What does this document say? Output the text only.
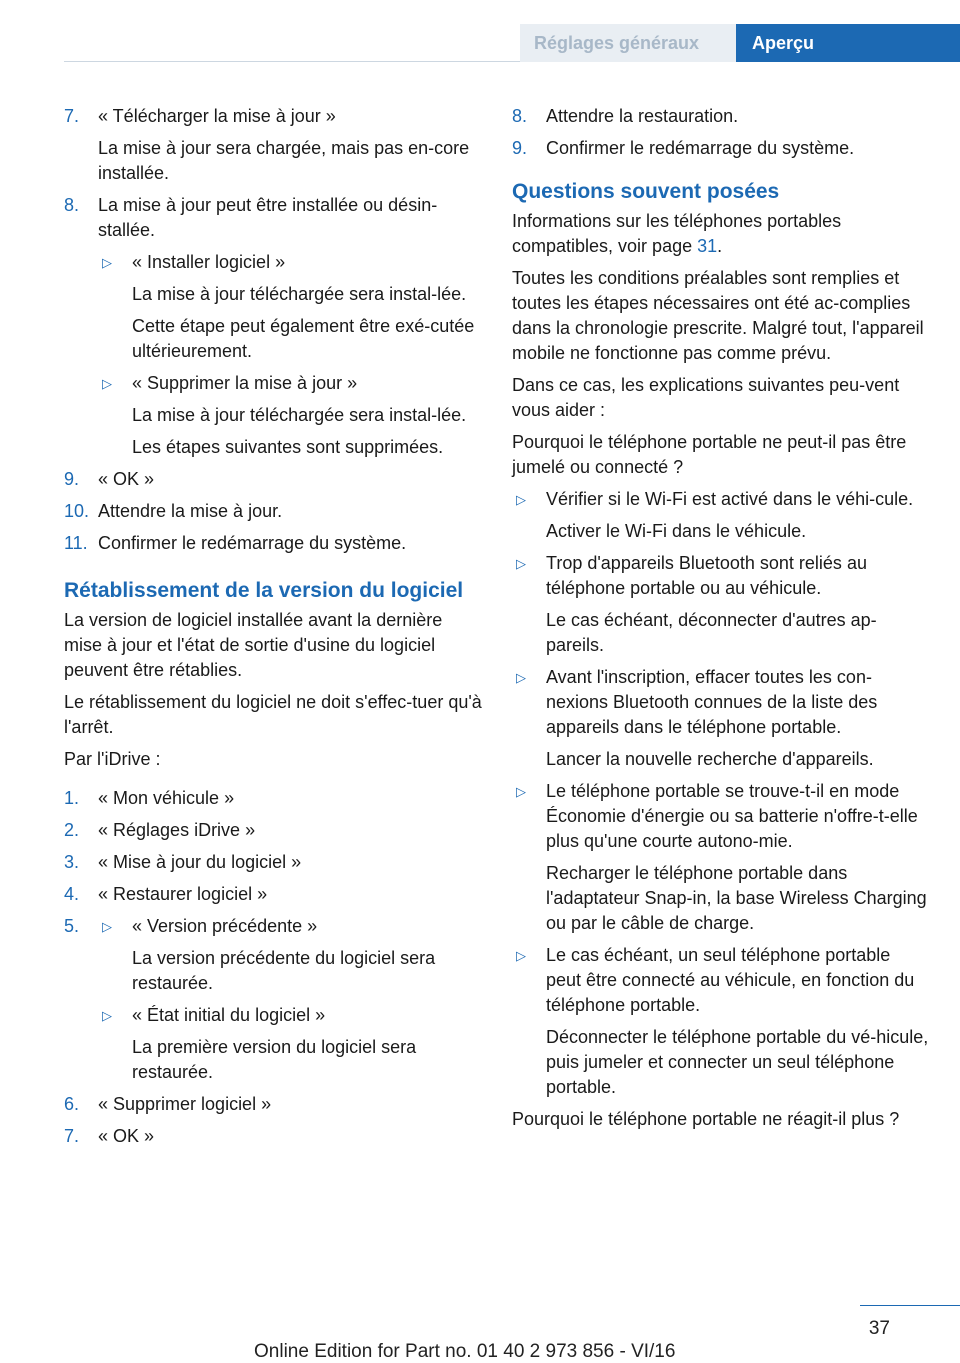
Réglages généraux	Aperçu
7. « Télécharger la mise à jour »
La mise à jour sera chargée, mais pas en-core installée.
8. La mise à jour peut être installée ou désin-stallée.
▷ « Installer logiciel »
La mise à jour téléchargée sera instal-lée.
Cette étape peut également être exé-cutée ultérieurement.
▷ « Supprimer la mise à jour »
La mise à jour téléchargée sera instal-lée.
Les étapes suivantes sont supprimées.
9. « OK »
10. Attendre la mise à jour.
11. Confirmer le redémarrage du système.
Rétablissement de la version du logiciel
La version de logiciel installée avant la dernière mise à jour et l'état de sortie d'usine du logiciel peuvent être rétablies.
Le rétablissement du logiciel ne doit s'effec-tuer qu'à l'arrêt.
Par l'iDrive :
1. « Mon véhicule »
2. « Réglages iDrive »
3. « Mise à jour du logiciel »
4. « Restaurer logiciel »
5. ▷ « Version précédente »
La version précédente du logiciel sera restaurée.
▷ « État initial du logiciel »
La première version du logiciel sera restaurée.
6. « Supprimer logiciel »
7. « OK »
8. Attendre la restauration.
9. Confirmer le redémarrage du système.
Questions souvent posées
Informations sur les téléphones portables compatibles, voir page 31.
Toutes les conditions préalables sont remplies et toutes les étapes nécessaires ont été ac-complies dans la chronologie prescrite. Malgré tout, l'appareil mobile ne fonctionne pas comme prévu.
Dans ce cas, les explications suivantes peu-vent vous aider :
Pourquoi le téléphone portable ne peut-il pas être jumelé ou connecté ?
▷ Vérifier si le Wi-Fi est activé dans le véhi-cule.
Activer le Wi-Fi dans le véhicule.
▷ Trop d'appareils Bluetooth sont reliés au téléphone portable ou au véhicule.
Le cas échéant, déconnecter d'autres ap-pareils.
▷ Avant l'inscription, effacer toutes les con-nexions Bluetooth connues de la liste des appareils dans le téléphone portable.
Lancer la nouvelle recherche d'appareils.
▷ Le téléphone portable se trouve-t-il en mode Économie d'énergie ou sa batterie n'offre-t-elle plus qu'une courte autono-mie.
Recharger le téléphone portable dans l'adaptateur Snap-in, la base Wireless Charging ou par le câble de charge.
▷ Le cas échéant, un seul téléphone portable peut être connecté au véhicule, en fonction du téléphone portable.
Déconnecter le téléphone portable du vé-hicule, puis jumeler et connecter un seul téléphone portable.
Pourquoi le téléphone portable ne réagit-il plus ?
37
Online Edition for Part no. 01 40 2 973 856 - VI/16
